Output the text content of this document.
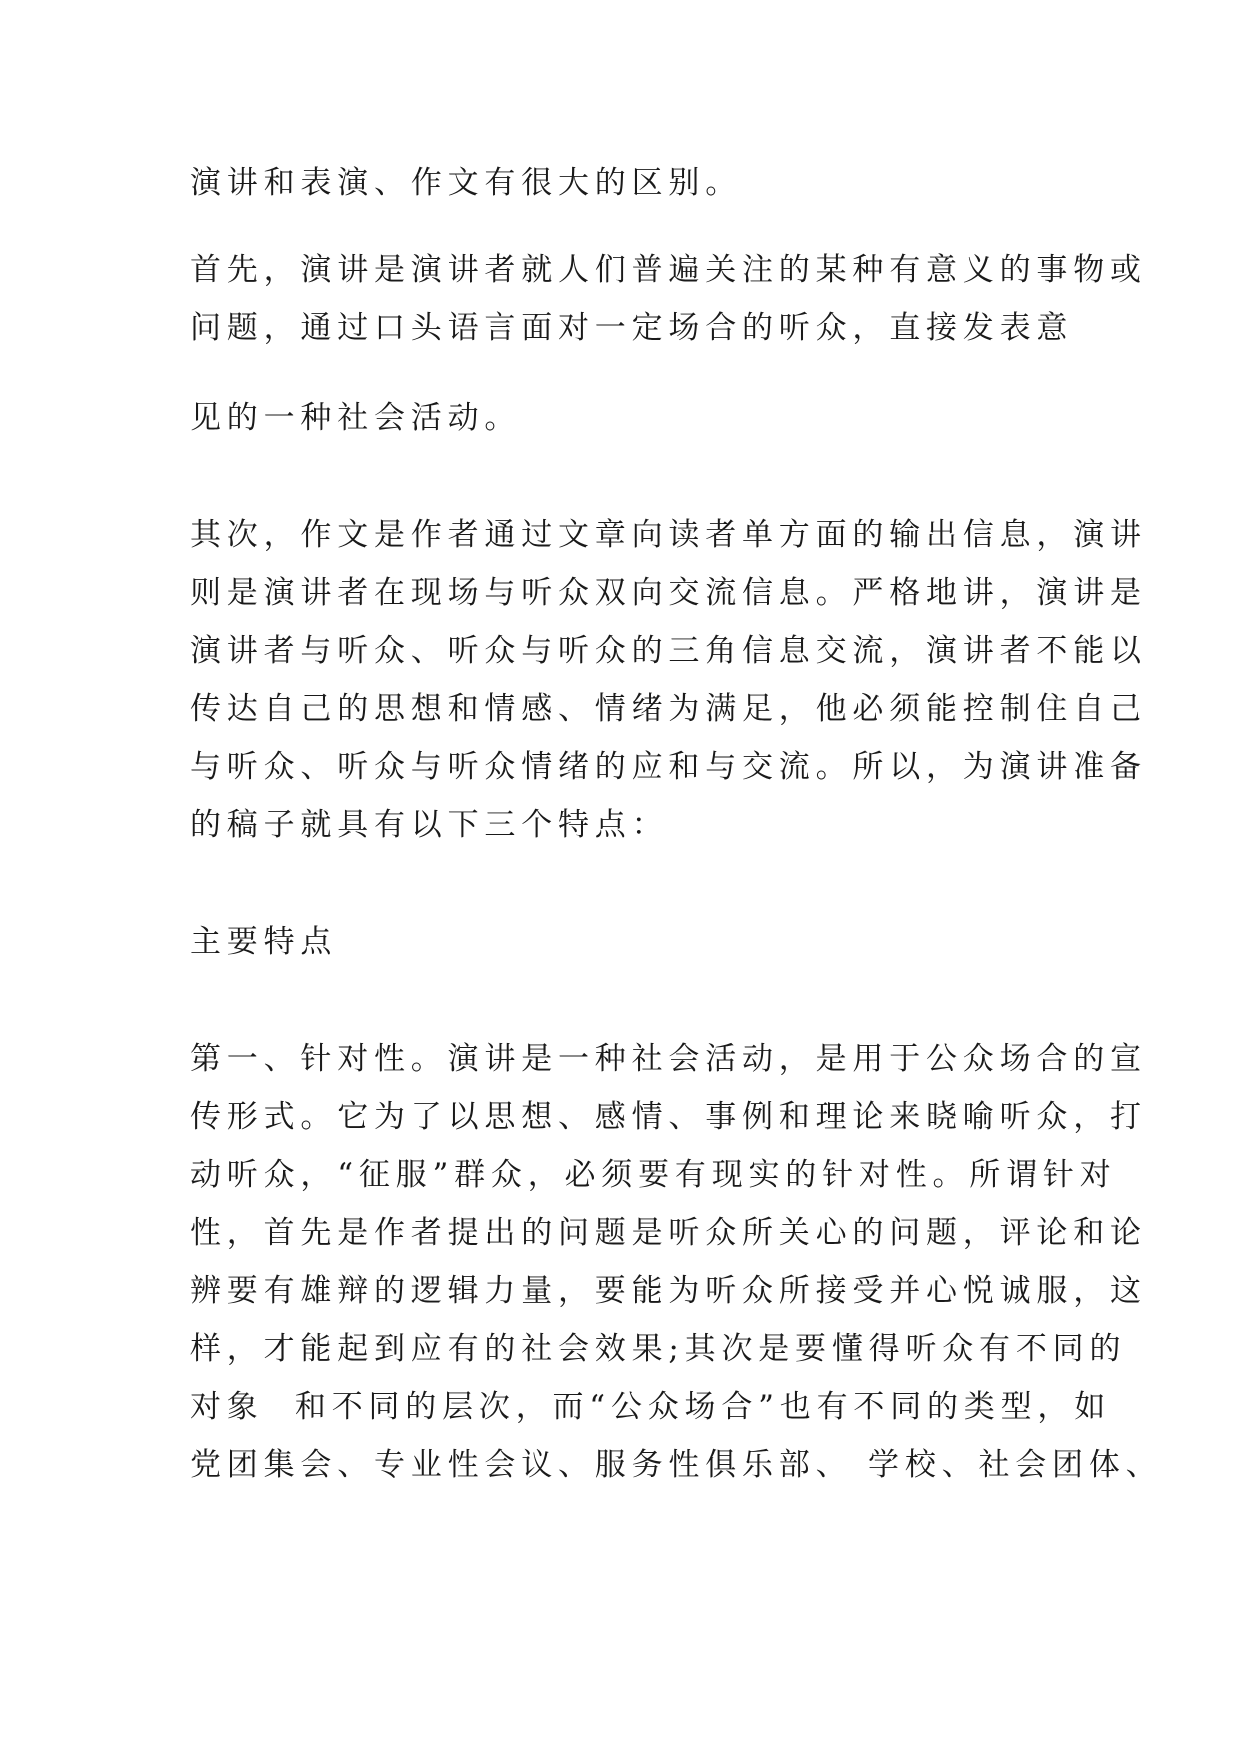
演讲和表演、作文有很大的区别。
首先，演讲是演讲者就人们普遍关注的某种有意义的事物或
问题，通过口头语言面对一定场合的听众，直接发表意
见的一种社会活动。
其次，作文是作者通过文章向读者单方面的输出信息，演讲
则是演讲者在现场与听众双向交流信息。严格地讲，演讲是
演讲者与听众、听众与听众的三角信息交流，演讲者不能以
传达自己的思想和情感、情绪为满足，他必须能控制住自己
与听众、听众与听众情绪的应和与交流。所以，为演讲准备
的稿子就具有以下三个特点：
主要特点
第一、针对性。演讲是一种社会活动，是用于公众场合的宣
传形式。它为了以思想、感情、事例和理论来晓喻听众，打
动听众，“征服”群众，必须要有现实的针对性。所谓针对
性，首先是作者提出的问题是听众所关心的问题，评论和论
辨要有雄辩的逻辑力量，要能为听众所接受并心悦诚服，这
样，才能起到应有的社会效果;其次是要懂得听众有不同的
对象  和不同的层次，而“公众场合”也有不同的类型，如
党团集会、专业性会议、服务性俱乐部、 学校、社会团体、
